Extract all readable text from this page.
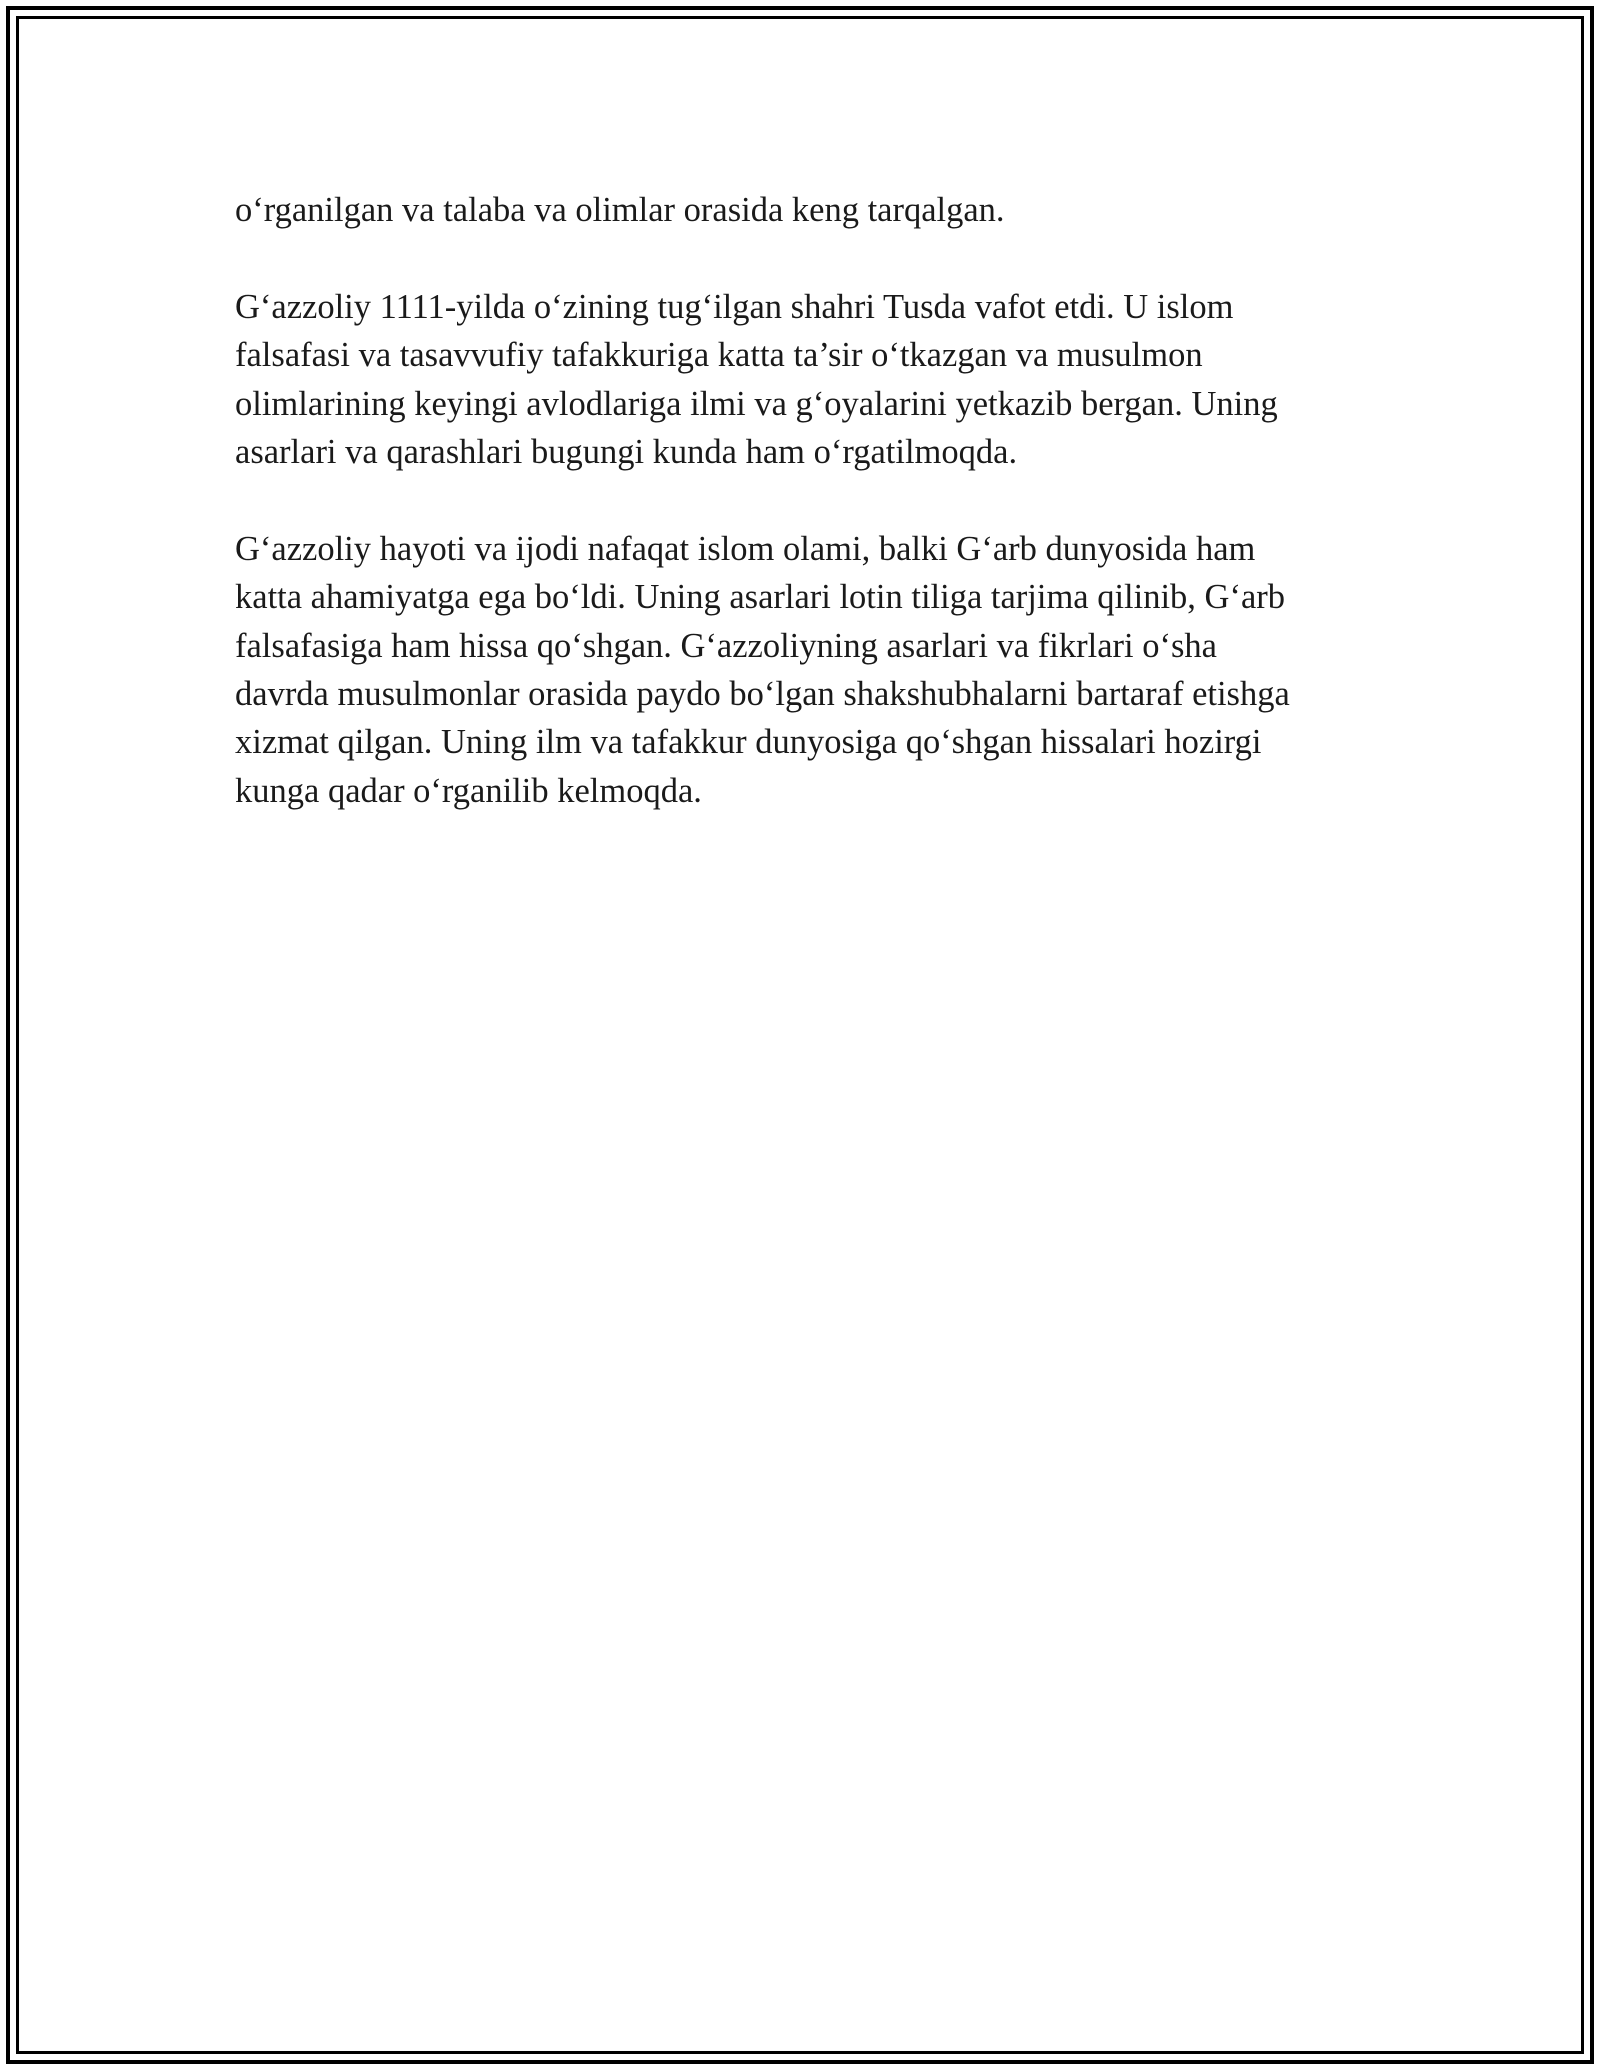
o‘rganilgan va talaba va olimlar orasida keng tarqalgan.

G‘azzoliy 1111-yilda o‘zining tug‘ilgan shahri Tusda vafot etdi. U islom
falsafasi va tasavvufiy tafakkuriga katta ta’sir o‘tkazgan va musulmon
olimlarining keyingi avlodlariga ilmi va g‘oyalarini yetkazib bergan. Uning
asarlari va qarashlari bugungi kunda ham o‘rgatilmoqda.

G‘azzoliy hayoti va ijodi nafaqat islom olami, balki G‘arb dunyosida ham
katta ahamiyatga ega bo‘ldi. Uning asarlari lotin tiliga tarjima qilinib, G‘arb
falsafasiga ham hissa qo‘shgan. G‘azzoliyning asarlari va fikrlari o‘sha
davrda musulmonlar orasida paydo bo‘lgan shakshubhalarni bartaraf etishga
xizmat qilgan. Uning ilm va tafakkur dunyosiga qo‘shgan hissalari hozirgi
kunga qadar o‘rganilib kelmoqda.
